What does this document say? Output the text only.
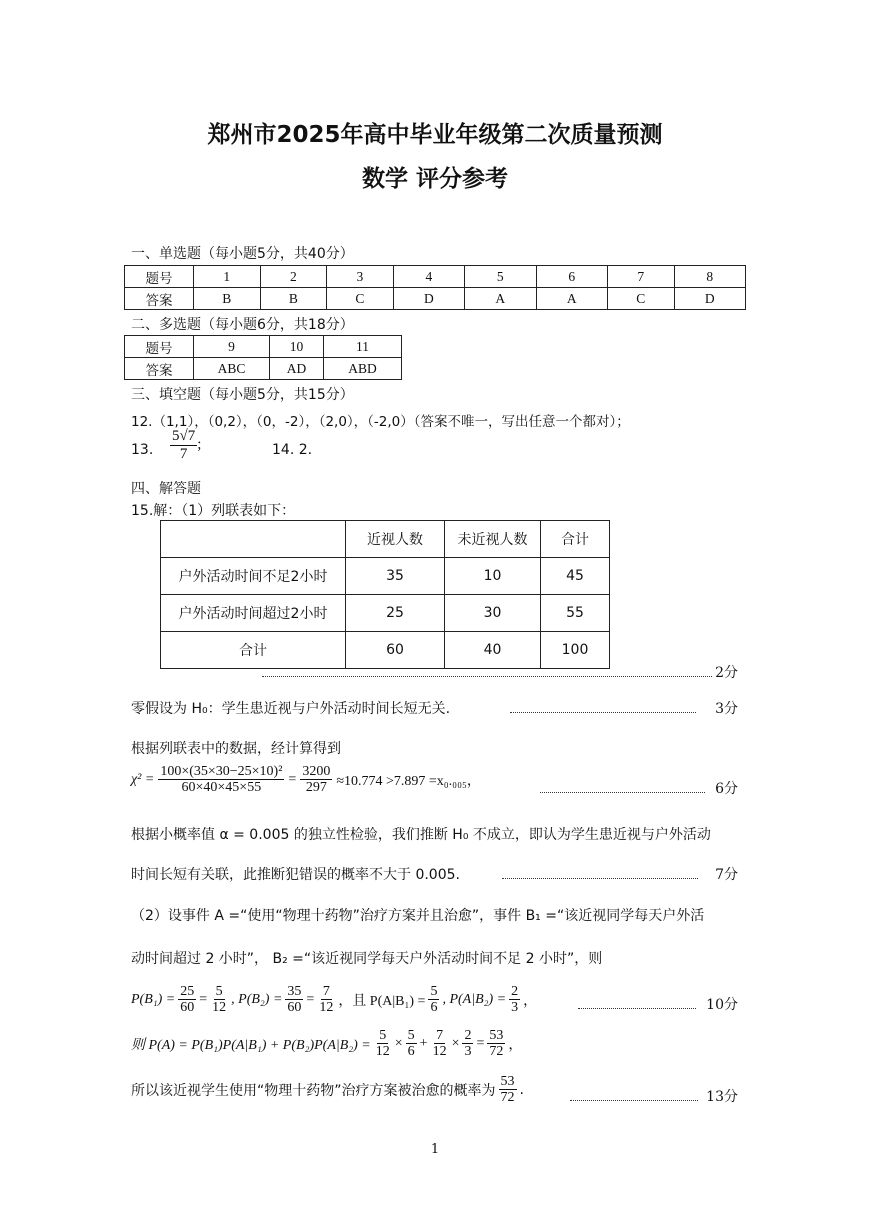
郑州市2025年高中毕业年级第二次质量预测
数学 评分参考
一、单选题（每小题5分，共40分）
题号	1	2	3	4	5	6	7	8
答案	B	B	C	D	A	A	C	D
二、多选题（每小题6分，共18分）
题号	9	10	11
答案	ABC	AD	ABD
三、填空题（每小题5分，共15分）
12.（1,1），（0,2），（0，-2），（2,0），（-2,0）（答案不唯一，写出任意一个都对）；
13. $\frac{5√7}{7}$ ;	14. 2.
四、解答题
15.解：（1）列联表如下：
	近视人数	未近视人数	合计
户外活动时间不足2小时	35	10	45
户外活动时间超过2小时	25	30	55
合计	60	40	100
2分
零假设为 H₀：学生患近视与户外活动时间长短无关.	3分
根据列联表中的数据，经计算得到
$\chi^2 = \frac{\text{100×(35×30−25×10)²}}{60\times 40\times 45\times 55} = \frac{3200}{297} \approx 10.774 >7.897 =x_0._{005}$，	6分
根据小概率值 α = 0.005 的独立性检验，我们推断 H₀ 不成立，即认为学生患近视与户外活动
时间长短有关联，此推断犯错误的概率不大于 0.005.	7分
（2）设事件 A =“使用“物理十药物”治疗方案并且治愈”，事件 B₁ =“该近视同学每天户外活
动时间超过 2 小时”， B₂ =“该近视同学每天户外活动时间不足 2 小时”，则
$P(B_1) = \frac{25}{60} = \frac{5}{12}$ , $P(B_2) = \frac{35}{60} = \frac{7}{12}$ ，且 $P(A|B_1) = \frac{5}{6}$ , $P(A|B_2) = \frac{2}{3}$ ，	10分
则 $P(A) = P(B_1)P(A|B_1) + P(B_2)P(A|B_2) = \frac{5}{12} \times \frac{5}{6} + \frac{7}{12} \times \frac{2}{3} = \frac{53}{72}$ ，
所以该近视学生使用“物理十药物”治疗方案被治愈的概率为 $\frac{53}{72}$ .	13分
1
